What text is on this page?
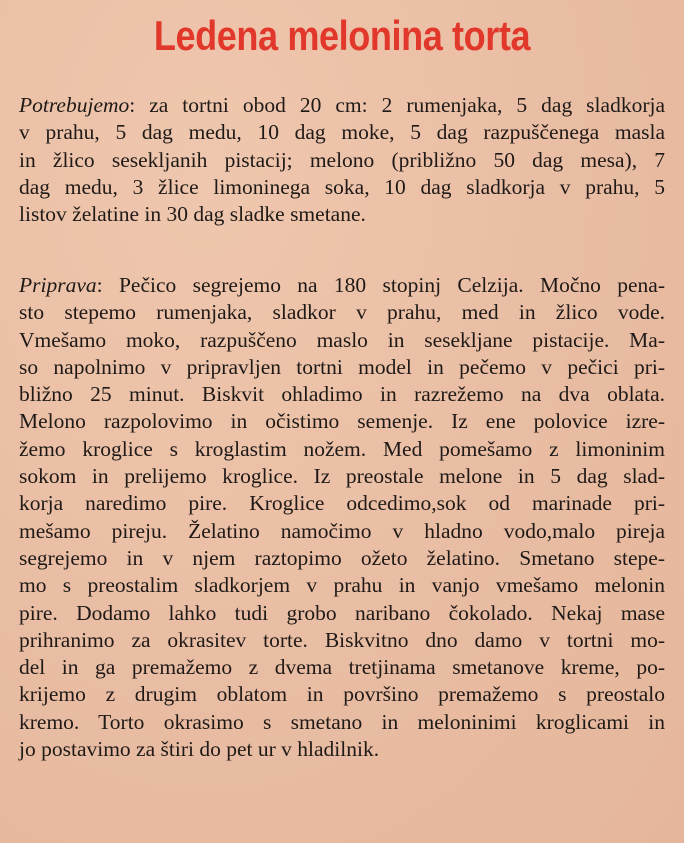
Ledena melonina torta
Potrebujemo: za tortni obod 20 cm: 2 rumenjaka, 5 dag sladkorja
v prahu, 5 dag medu, 10 dag moke, 5 dag razpuščenega masla
in žlico sesekljanih pistacij; melono (približno 50 dag mesa), 7
dag medu, 3 žlice limoninega soka, 10 dag sladkorja v prahu, 5
listov želatine in 30 dag sladke smetane.
Priprava: Pečico segrejemo na 180 stopinj Celzija. Močno pena-
sto stepemo rumenjaka, sladkor v prahu, med in žlico vode.
Vmešamo moko, razpuščeno maslo in sesekljane pistacije. Ma-
so napolnimo v pripravljen tortni model in pečemo v pečici pri-
bližno 25 minut. Biskvit ohladimo in razrežemo na dva oblata.
Melono razpolovimo in očistimo semenje. Iz ene polovice izre-
žemo kroglice s kroglastim nožem. Med pomešamo z limoninim
sokom in prelijemo kroglice. Iz preostale melone in 5 dag slad-
korja naredimo pire. Kroglice odcedimo,sok od marinade pri-
mešamo pireju. Želatino namočimo v hladno vodo,malo pireja
segrejemo in v njem raztopimo ožeto želatino. Smetano stepe-
mo s preostalim sladkorjem v prahu in vanjo vmešamo melonin
pire. Dodamo lahko tudi grobo naribano čokolado. Nekaj mase
prihranimo za okrasitev torte. Biskvitno dno damo v tortni mo-
del in ga premažemo z dvema tretjinama smetanove kreme, po-
krijemo z drugim oblatom in površino premažemo s preostalo
kremo. Torto okrasimo s smetano in meloninimi kroglicami in
jo postavimo za štiri do pet ur v hladilnik.
